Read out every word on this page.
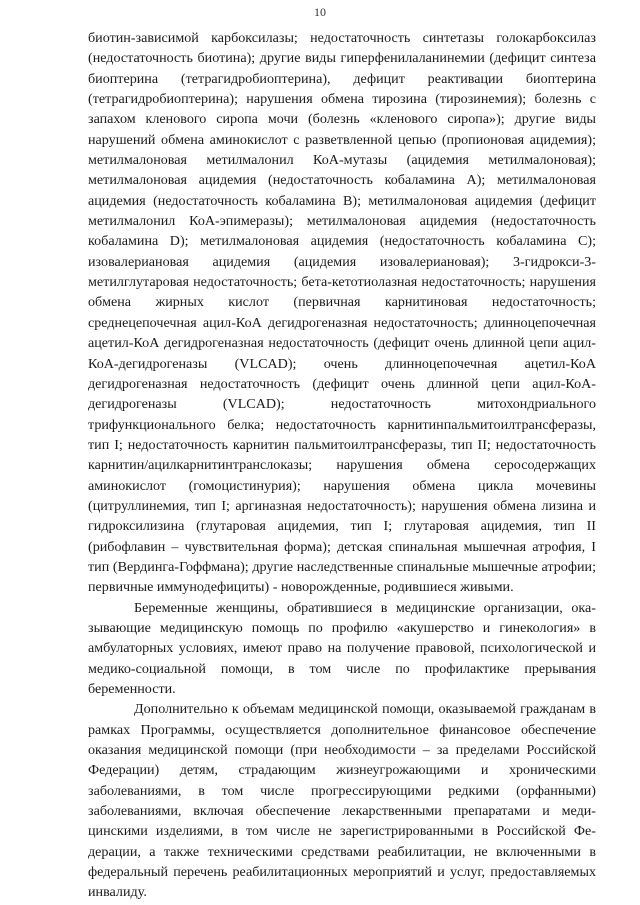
10

биотин-зависимой карбоксилазы; недостаточность синтетазы голокарбоксилаз (недостаточность биотина); другие виды гиперфенилаланинемии (дефицит синтеза биоптерина (тетрагидробиоптерина), дефицит реактивации биоптерина (тетрагидробиоптерина); нарушения обмена тирозина (тирозинемия); болезнь с запахом кленового сиропа мочи (болезнь «кленового сиропа»); другие виды нарушений обмена аминокислот с разветвленной цепью (пропионовая ацидемия); метилмалоновая метилмалонил КоА-мутазы (ацидемия метилмалоновая); метилмалоновая ацидемия (недостаточность кобаламина А); метилмалоновая ацидемия (недостаточность кобаламина В); метилмалоновая ацидемия (дефицит метилмалонил КоА-эпимеразы); метилмалоновая ацидемия (недостаточность кобаламина D); метилмалоновая ацидемия (недостаточность кобаламина С); изовалериановая ацидемия (ацидемия изовалериановая); 3-гидрокси-3-метилглутаровая недостаточность; бета-кетотиолазная недостаточность; нарушения обмена жирных кислот (первичная карнитиновая недостаточность; среднецепочечная ацил-КоА дегидрогеназная недостаточность; длинноцепочечная ацетил-КоА дегидрогеназная недостаточность (дефицит очень длинной цепи ацил-КоА-дегидрогеназы (VLCAD); очень длинноцепочечная ацетил-КоА дегидрогеназная недостаточность (дефицит очень длинной цепи ацил-КоА-дегидрогеназы (VLCAD); недостаточность митохондриального трифункционального белка; недостаточность карнитинпальмитоилтрансферазы, тип I; недостаточность карнитин пальмитоилтрансферазы, тип II; недостаточность карнитин/ацилкарнитинтранслоказы; нарушения обмена серосодержащих аминокислот (гомоцистинурия); нарушения обмена цикла мочевины (цитруллинемия, тип I; аргиназная недостаточность); нарушения обмена лизина и гидроксилизина (глутаровая ацидемия, тип I; глутаровая ацидемия, тип II (рибофлавин – чувствительная форма); детская спинальная мышечная атрофия, I тип (Вердинга-Гоффмана); другие наследственные спинальные мышечные атрофии; первичные иммунодефициты) - новорожденные, родившиеся живыми.

Беременные женщины, обратившиеся в медицинские организации, оказывающие медицинскую помощь по профилю «акушерство и гинекология» в амбулаторных условиях, имеют право на получение правовой, психологической и медико-социальной помощи, в том числе по профилактике прерывания беременности.

Дополнительно к объемам медицинской помощи, оказываемой гражданам в рамках Программы, осуществляется дополнительное финансовое обеспечение оказания медицинской помощи (при необходимости – за пределами Российской Федерации) детям, страдающим жизнеугрожающими и хроническими заболеваниями, в том числе прогрессирующими редкими (орфанными) заболеваниями, включая обеспечение лекарственными препаратами и медицинскими изделиями, в том числе не зарегистрированными в Российской Федерации, а также техническими средствами реабилитации, не включенными в федеральный перечень реабилитационных мероприятий и услуг, предоставляемых инвалиду.
